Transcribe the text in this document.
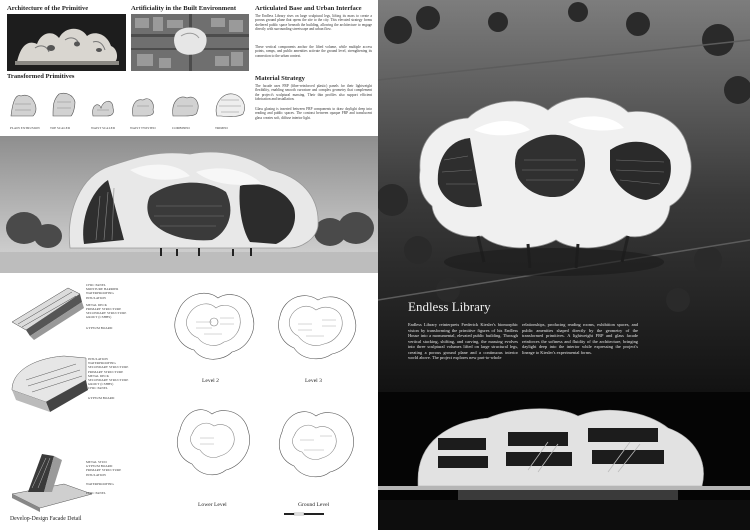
Architecture of the Primitive	Artificiality in the Built Environment	Articulated Base and Urban Interface
The Endless Library rises on large sculptural legs, lifting its mass to create a porous ground plane that opens the site to the city. This elevated strategy forms sheltered public space beneath the building, allowing the architecture to engage directly with surrounding streetscape and urban flow.
These vertical components anchor the lifted volume, while multiple access points, ramps, and public amenities activate the ground level, strengthening its connection to the urban context.
Transformed Primitives
PLAIN EXTRUSION	TOP SCALED	WAIST SCALED	WAIST TWISTED	COMBINED	TRIMED
Material Strategy
The facade uses FRP (fiber-reinforced plastic) panels for their lightweight flexibility, enabling smooth curvature and complex geometry that complement the project's sculptural massing. Their thin profiles also support efficient fabrication and installation.
Glass glazing is inserted between FRP components to draw daylight deep into reading and public spaces. The contrast between opaque FRP and translucent glass creates soft, diffuse interior light.
CFRC PANEL
MOISTURE BARRIER
WATERPROOFING
INSULATION
METAL DECK
PRIMARY STRUCTURE
SECONDARY STRUCTURE
GROUT (CSHHS)
GYPSUM BOARD
INSULATION
WATERPROOFING
SECONDARY STRUCTURE
PRIMARY STRUCTURE
METAL DECK
SECONDARY STRUCTURE
GROUT (CSHHS)
CFRC PANEL
GYPSUM BOARD
METAL STUD
GYPSUM BOARD
PRIMARY STRUCTURE
INSULATION
WATERPROOFING
CFRC PANEL
Develop-Design Facade Detail
Level 2	Level 3
Lower Level	Ground Level
Endless Library
Endless Library reinterprets Frederick Kiesler's biomorphic vision by transforming the primitive figures of his Endless House into a monumental, elevated public building. Through vertical stacking, shifting, and carving, the massing evolves into three sculptural volumes lifted on large structural legs, creating a porous ground plane and a continuous interior world above. The project explores new part-to-whole
relationships, producing reading rooms, exhibition spaces, and public amenities shaped directly by the geometry of the transformed primitives. A lightweight FRP and glass facade reinforces the softness and fluidity of the architecture, bringing daylight deep into the interior while expressing the project's lineage to Kiesler's experimental forms.
